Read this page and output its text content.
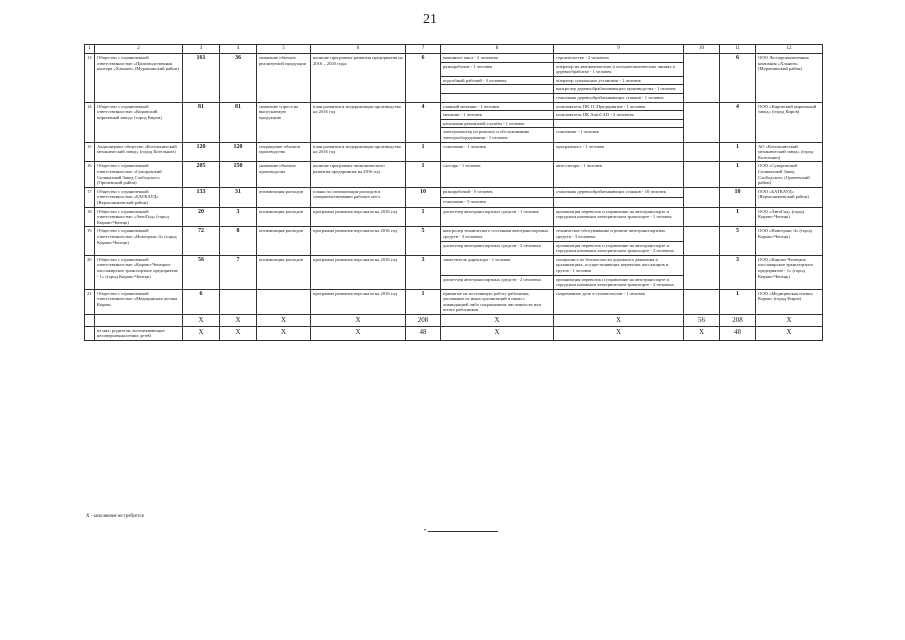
21
1	2	3	4	5	6	7	8	9	10	11	12
13	Общество с ограниченной ответственностью «Производственная контора «Хлынов» (Мурашинский район)	161	36	снижение объемов реализуемой продукции	наличие программы развития предприятия на 2016 – 2020 годы	6	машинист мкса - 2 человека	строительство - 2 человека		6	ООО Лесопромышленная компания «Хлынов» (Мурашинский район)
							разнорабочие - 1 человек	оператор на автоматических и полуавтоматических линиях в деревообработке - 1 человек			
							подсобный рабочий - 3 человека	оператор сушильных установок - 1 человек			
								контролер деревообрабатывающего производства - 1 человек			
								станочник деревообрабатывающих станков - 1 человек			
14	Общество с ограниченной ответственностью «Кировский кирпичный завод» (город Киров)	81	81	снижение спроса на выпускаемую продукцию	план развития и модернизации производства на 2016 год	4	главный механик - 1 человек	пользователь ПК 1С:Предприятие - 1 человек		4	ООО «Кировский кирпичный завод» (город Киров)
							механик - 1 человек	пользователь ПК AutoCAD - 2 человека			
							начальник ремонтной службы - 1 человек				
							электромонтер по ремонту и обслуживанию электрооборудования - 1 человек	станочник - 1 человек			
15	Акционерное общество «Котельничский механический завод» (город Котельнич)	120	120	сокращение объемов производства	план развития и модернизации производства на 2016 год	1	станочник - 1 человек	программист - 1 человек		1	АО «Котельничский механический завод» (город Котельнич)
16	Общество с ограниченной ответственностью «Суворовский Силикатный Завод Слободское» (Оричевский район)	205	150	снижение объемов производства	наличие программы экономического развития предприятия на 2016 год	1	слесарь - 1 человек	автослесарь - 1 человек		1	ООО «Суворовский Силикатный Завод Слободское» (Оричевский район)
17	Общество с ограниченной ответственностью «БАТКАУД» (Верхошижемский район)	133	31	оптимизация расходов	планы по оптимизации расходов и совершенствованию рабочих мест	10	разнорабочий - 5 человек	станочник деревообрабатывающих станков - 10 человек		10	ООО «БАТКАУД» (Верхошижемский район)
							станочник - 5 человек				
18	Общество с ограниченной ответственностью «АвтоГид» (город Кирово-Чепецк)	20	3	оптимизация расходов	программа развития персонала на 2016 год	1	диспетчер автотранспортных средств - 1 человек	организация перевозок и управление на автотранспорте и городском наземном электрическом транспорте - 1 человек		1	ООО «АвтоГид» (город Кирово-Чепецк)
19	Общество с ограниченной ответственностью «Новотранс-4» (город Кирово-Чепецк)	72	8	оптимизация расходов	программа развития персонала на 2016 год	5	контролер технического состояния автотранспортных средств - 3 человека	техническое обслуживание и ремонт автотранспортных средств - 3 человека		5	ООО «Новотранс-4» (город Кирово-Чепецк)
							диспетчер автотранспортных средств - 2 человека	организация перевозок и управление на автотранспорте и городском наземном электрическом транспорте - 2 человека			
20	Общество с ограниченной ответственностью «Кирово-Чепецкое пассажирское транспортное предприятие - 1» (город Кирово-Чепецк)	56	7	оптимизация расходов	программа развития персонала на 2016 год	3	заместитель директора - 1 человек	специалист по безопасности дорожного движения в организациях, осуществляющих перевозки пассажиров и грузов - 1 человек		3	ООО «Кирово-Чепецкое пассажирское транспортное предприятие - 1» (город Кирово-Чепецк)
							диспетчер автотранспортных средств - 2 человека	организация перевозок и управление на автотранспорте и городском наземном электрическом транспорте - 2 человека			
21	Общество с ограниченной ответственностью «Медицинская оптика Киров»	6			программа развития персонала на 2016 год	1	принятые на постоянную работу работники, уволенные из иных организаций в связи с ликвидацией либо сокращением численности или штата работников	современное дело в стоматологии - 1 человек		1	ООО «Медицинская оптика Киров» (город Киров)
		X	X	X	X	208	X	X	56	208	X
	из них: родители, воспитывающие несовершеннолетних детей	X	X	X	X	48	X	X	X	48	X
X - заполнение не требуется
•
